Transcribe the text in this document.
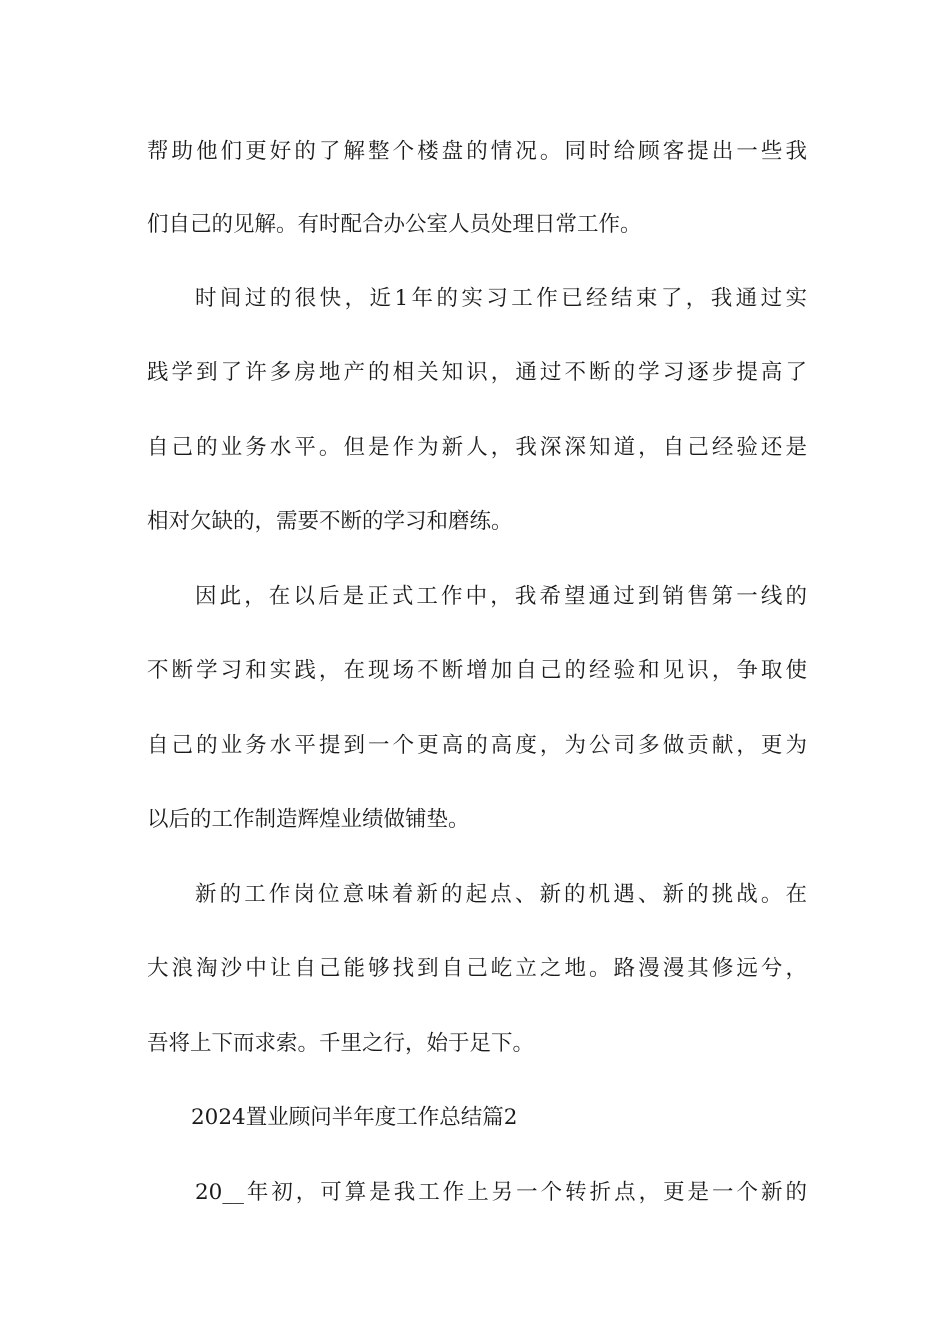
帮助他们更好的了解整个楼盘的情况。同时给顾客提出一些我
们自己的见解。有时配合办公室人员处理日常工作。
时间过的很快，近1年的实习工作已经结束了，我通过实
践学到了许多房地产的相关知识，通过不断的学习逐步提高了
自己的业务水平。但是作为新人，我深深知道，自己经验还是
相对欠缺的，需要不断的学习和磨练。
因此，在以后是正式工作中，我希望通过到销售第一线的
不断学习和实践，在现场不断增加自己的经验和见识，争取使
自己的业务水平提到一个更高的高度，为公司多做贡献，更为
以后的工作制造辉煌业绩做铺垫。
新的工作岗位意味着新的起点、新的机遇、新的挑战。在
大浪淘沙中让自己能够找到自己屹立之地。路漫漫其修远兮，
吾将上下而求索。千里之行，始于足下。
2024置业顾问半年度工作总结篇2
20__年初，可算是我工作上另一个转折点，更是一个新的
